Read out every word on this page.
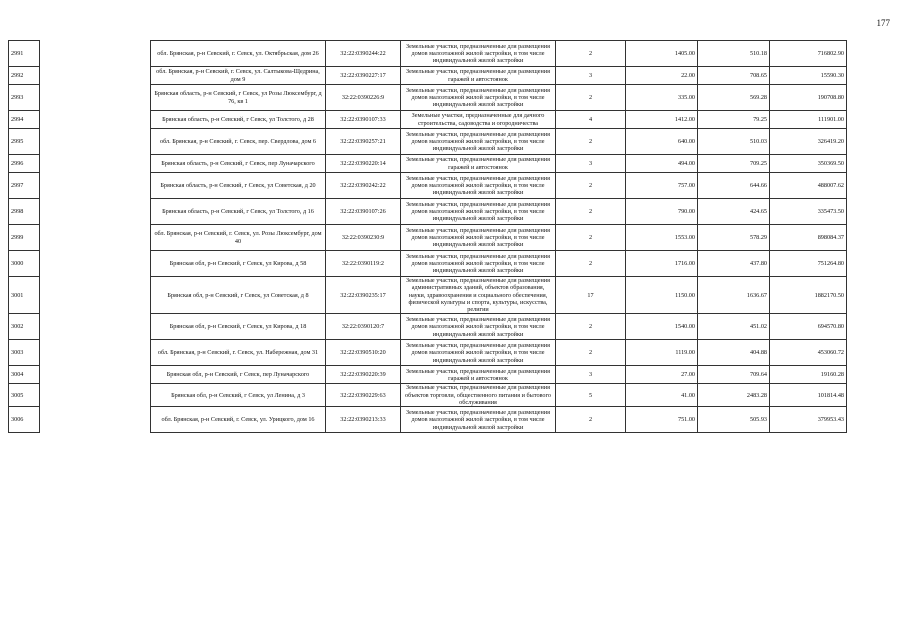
177
2991		обл. Брянская, р-н Севский, г. Севск, ул. Октябрьская, дом 26	32:22:0390244:22	Земельные участки, предназначенные для размещения домов малоэтажной жилой застройки, в том числе индивидуальной жилой застройки	2	1405.00	510.18	716802.90
2992		обл. Брянская, р-н Севский, г. Севск, ул. Салтыкова-Щедрина, дом 9	32:22:0390227:17	Земельные участки, предназначенные для размещения гаражей и автостоянок	3	22.00	708.65	15590.30
2993		Брянская область, р-н Севский, г Севск, ул Розы Люксембург, д 76, кв 1	32:22:0390226:9	Земельные участки, предназначенные для размещения домов малоэтажной жилой застройки, в том числе индивидуальной жилой застройки	2	335.00	569.28	190708.80
2994		Брянская область, р-н Севский, г Севск, ул Толстого, д 28	32:22:0390107:33	Земельные участки, предназначенные для дачного строительства, садоводства и огородничества	4	1412.00	79.25	111901.00
2995		обл. Брянская, р-н Севский, г. Севск, пер. Свердлова, дом 6	32:22:0390257:21	Земельные участки, предназначенные для размещения домов малоэтажной жилой застройки, в том числе индивидуальной жилой застройки	2	640.00	510.03	326419.20
2996		Брянская область, р-н Севский, г Севск, пер Луначарского	32:22:0390220:14	Земельные участки, предназначенные для размещения гаражей и автостоянок	3	494.00	709.25	350369.50
2997		Брянская область, р-н Севский, г Севск, ул Советская, д 20	32:22:0390242:22	Земельные участки, предназначенные для размещения домов малоэтажной жилой застройки, в том числе индивидуальной жилой застройки	2	757.00	644.66	488007.62
2998		Брянская область, р-н Севский, г Севск, ул Толстого, д 16	32:22:0390107:26	Земельные участки, предназначенные для размещения домов малоэтажной жилой застройки, в том числе индивидуальной жилой застройки	2	790.00	424.65	335473.50
2999		обл. Брянская, р-н Севский, г. Севск, ул. Розы Люксембург, дом 40	32:22:0390230:9	Земельные участки, предназначенные для размещения домов малоэтажной жилой застройки, в том числе индивидуальной жилой застройки	2	1553.00	578.29	898084.37
3000		Брянская обл, р-н Севский, г Севск, ул Кирова, д 58	32:22:0390119:2	Земельные участки, предназначенные для размещения домов малоэтажной жилой застройки, в том числе индивидуальной жилой застройки	2	1716.00	437.80	751264.80
3001		Брянская обл, р-н Севский, г Севск, ул Советская, д 8	32:22:0390235:17	Земельные участки, предназначенные для размещения административных зданий, объектов образования, науки, здравоохранения и социального обеспечения, физической культуры и спорта, культуры, искусства, религии	17	1150.00	1636.67	1882170.50
3002		Брянская обл, р-н Севский, г Севск, ул Кирова, д 18	32:22:0390120:7	Земельные участки, предназначенные для размещения домов малоэтажной жилой застройки, в том числе индивидуальной жилой застройки	2	1540.00	451.02	694570.80
3003		обл. Брянская, р-н Севский, г. Севск, ул. Набережная, дом 31	32:22:0390510:20	Земельные участки, предназначенные для размещения домов малоэтажной жилой застройки, в том числе индивидуальной жилой застройки	2	1119.00	404.88	453060.72
3004		Брянская обл, р-н Севский, г Севск, пер Луначарского	32:22:0390220:39	Земельные участки, предназначенные для размещения гаражей и автостоянок	3	27.00	709.64	19160.28
3005		Брянская обл, р-н Севский, г Севск, ул Ленина, д 3	32:22:0390229:63	Земельные участки, предназначенные для размещения объектов торговли, общественного питания и бытового обслуживания	5	41.00	2483.28	101814.48
3006		обл. Брянская, р-н Севский, г. Севск, ул. Урицкого, дом 16	32:22:0390213:33	Земельные участки, предназначенные для размещения домов малоэтажной жилой застройки, в том числе индивидуальной жилой застройки	2	751.00	505.93	379953.43
